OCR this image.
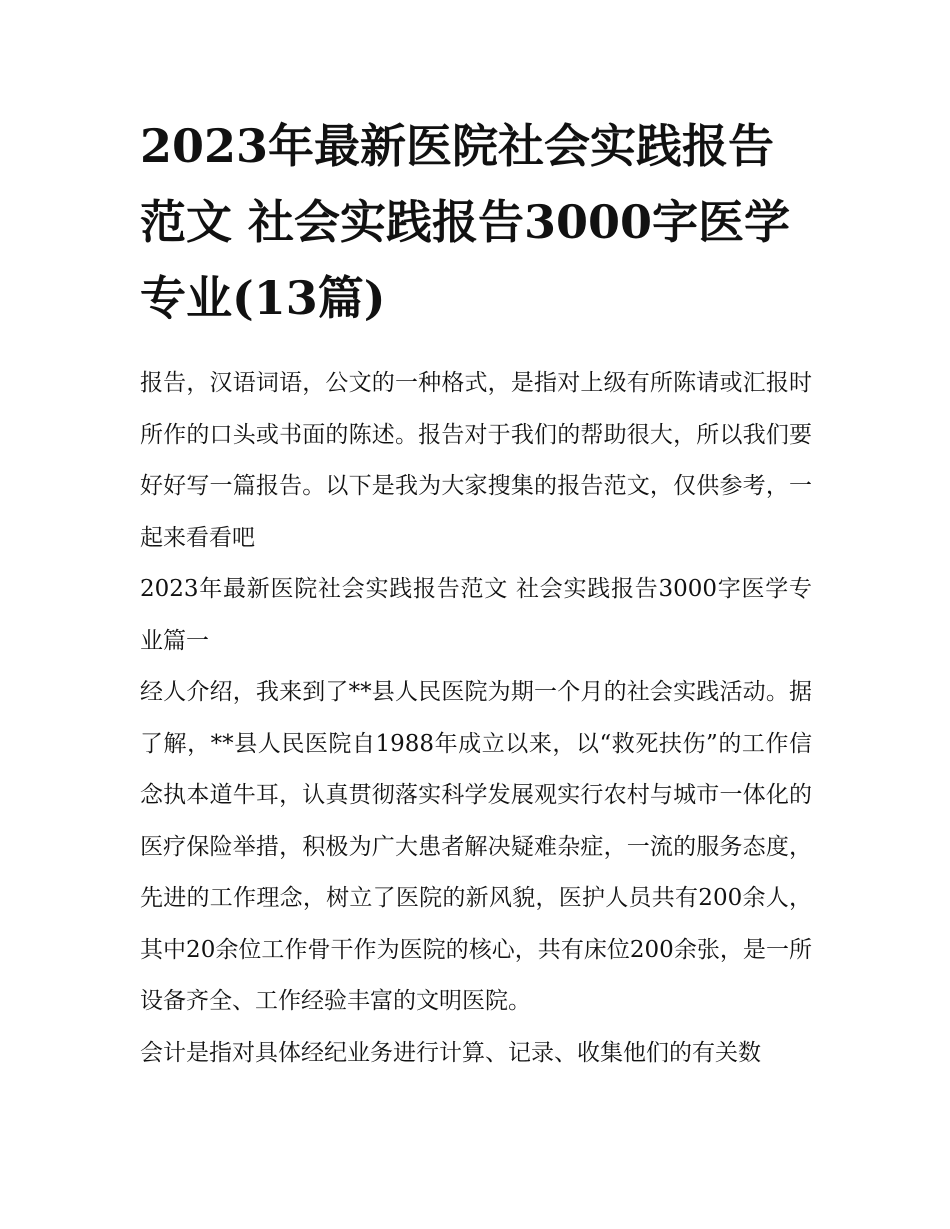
2023年最新医院社会实践报告范文 社会实践报告3000字医学专业(13篇)

报告，汉语词语，公文的一种格式，是指对上级有所陈请或汇报时所作的口头或书面的陈述。报告对于我们的帮助很大，所以我们要好好写一篇报告。以下是我为大家搜集的报告范文，仅供参考，一起来看看吧

2023年最新医院社会实践报告范文 社会实践报告3000字医学专业篇一

经人介绍，我来到了**县人民医院为期一个月的社会实践活动。据了解，**县人民医院自1988年成立以来，以“救死扶伤”的工作信念执本道牛耳，认真贯彻落实科学发展观实行农村与城市一体化的医疗保险举措，积极为广大患者解决疑难杂症，一流的服务态度，先进的工作理念，树立了医院的新风貌，医护人员共有200余人，其中20余位工作骨干作为医院的核心，共有床位200余张，是一所设备齐全、工作经验丰富的文明医院。

会计是指对具体经纪业务进行计算、记录、收集他们的有关数
